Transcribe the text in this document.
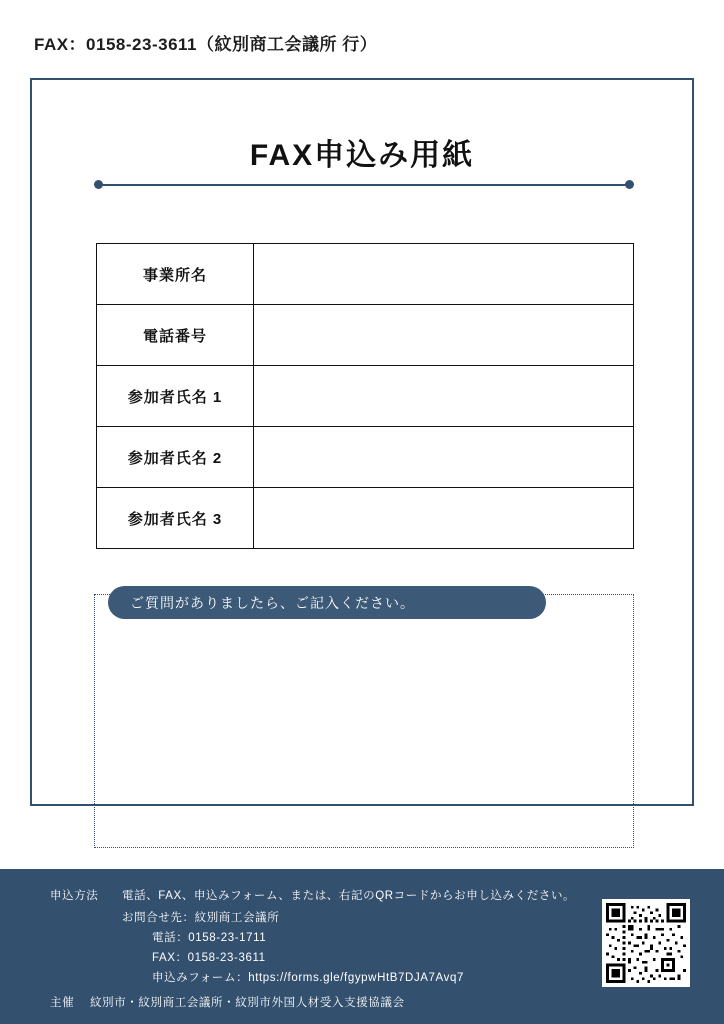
FAX：0158-23-3611（紋別商工会議所 行）
FAX申込み用紙
事業所名	
電話番号	
参加者氏名 1	
参加者氏名 2	
参加者氏名 3	
ご質問がありましたら、ご記入ください。
申込方法 電話、FAX、申込みフォーム、または、右記のQRコードからお申し込みください。
お問合せ先：紋別商工会議所
電話：0158-23-1711
FAX：0158-23-3611
申込みフォーム：https://forms.gle/fgypwHtB7DJA7Avq7
主催 紋別市・紋別商工会議所・紋別市外国人材受入支援協議会
